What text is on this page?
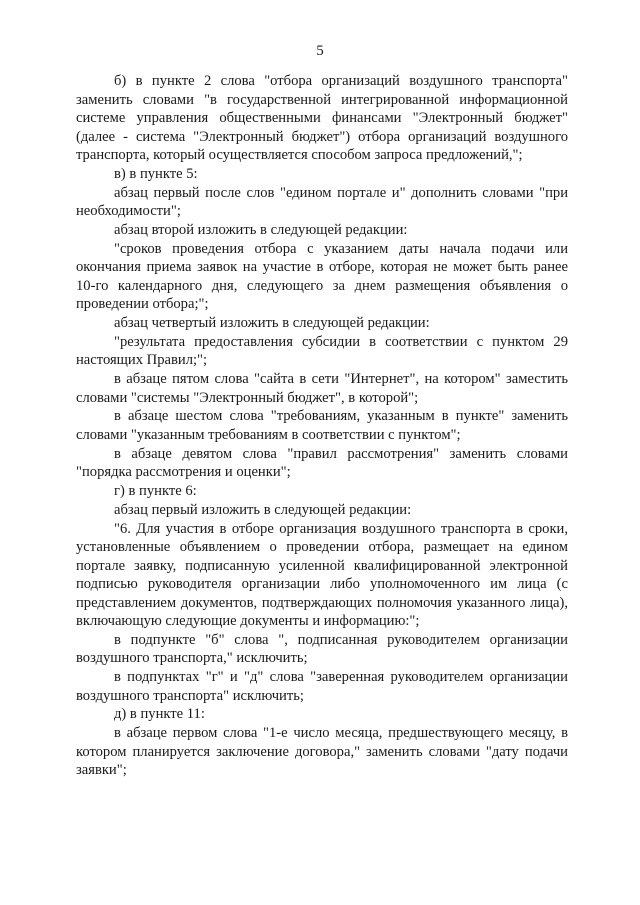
5

б) в пункте 2 слова "отбора организаций воздушного транспорта" заменить словами "в государственной интегрированной информационной системе управления общественными финансами "Электронный бюджет" (далее - система "Электронный бюджет") отбора организаций воздушного транспорта, который осуществляется способом запроса предложений,";

в) в пункте 5:

абзац первый после слов "едином портале и" дополнить словами "при необходимости";

абзац второй изложить в следующей редакции:

"сроков проведения отбора с указанием даты начала подачи или окончания приема заявок на участие в отборе, которая не может быть ранее 10-го календарного дня, следующего за днем размещения объявления о проведении отбора;";

абзац четвертый изложить в следующей редакции:

"результата предоставления субсидии в соответствии с пунктом 29 настоящих Правил;";

в абзаце пятом слова "сайта в сети "Интернет", на котором" заместить словами "системы "Электронный бюджет", в которой";

в абзаце шестом слова "требованиям, указанным в пункте" заменить словами "указанным требованиям в соответствии с пунктом";

в абзаце девятом слова "правил рассмотрения" заменить словами "порядка рассмотрения и оценки";

г) в пункте 6:

абзац первый изложить в следующей редакции:

"6. Для участия в отборе организация воздушного транспорта в сроки, установленные объявлением о проведении отбора, размещает на едином портале заявку, подписанную усиленной квалифицированной электронной подписью руководителя организации либо уполномоченного им лица (с представлением документов, подтверждающих полномочия указанного лица), включающую следующие документы и информацию:";

в подпункте "б" слова ", подписанная руководителем организации воздушного транспорта," исключить;

в подпунктах "г" и "д" слова "заверенная руководителем организации воздушного транспорта" исключить;

д) в пункте 11:

в абзаце первом слова "1-е число месяца, предшествующего месяцу, в котором планируется заключение договора," заменить словами "дату подачи заявки";
